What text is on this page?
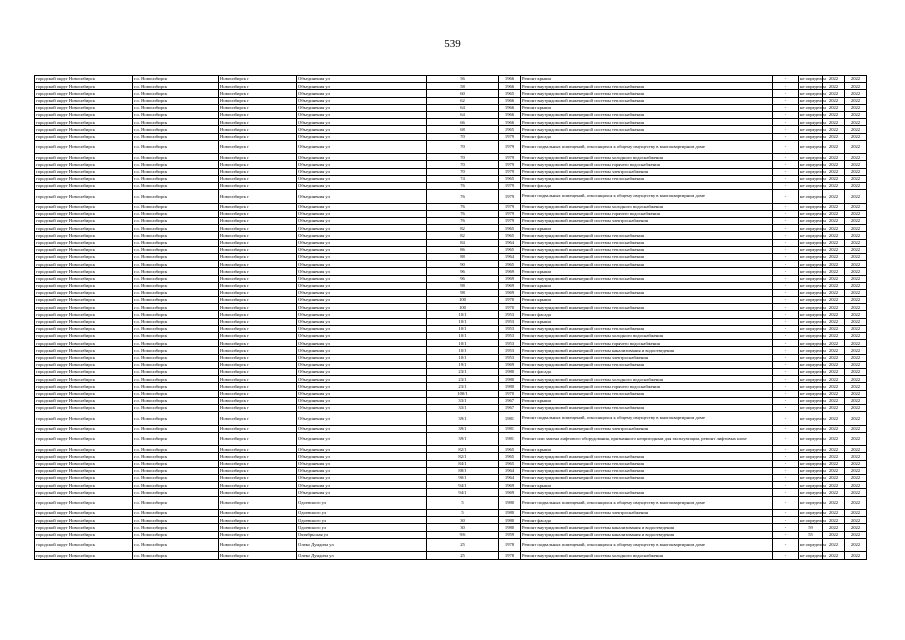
539
городской округ Новосибирск	г.о. Новосибирск	Новосибирск г	Объединения ул	56	1966	Ремонт крыши	-	не определен	2022	2022
городской округ Новосибирск	г.о. Новосибирск	Новосибирск г	Объединения ул	58	1966	Ремонт внутридомовой инженерной системы теплоснабжения	-	не определен	2022	2022
городской округ Новосибирск	г.о. Новосибирск	Новосибирск г	Объединения ул	60	1965	Ремонт внутридомовой инженерной системы теплоснабжения	-	не определен	2022	2022
городской округ Новосибирск	г.о. Новосибирск	Новосибирск г	Объединения ул	62	1966	Ремонт внутридомовой инженерной системы теплоснабжения	-	не определен	2022	2022
городской округ Новосибирск	г.о. Новосибирск	Новосибирск г	Объединения ул	64	1966	Ремонт крыши	-	не определен	2022	2022
городской округ Новосибирск	г.о. Новосибирск	Новосибирск г	Объединения ул	64	1966	Ремонт внутридомовой инженерной системы теплоснабжения	-	не определен	2022	2022
городской округ Новосибирск	г.о. Новосибирск	Новосибирск г	Объединения ул	66	1966	Ремонт внутридомовой инженерной системы теплоснабжения	-	не определен	2022	2022
городской округ Новосибирск	г.о. Новосибирск	Новосибирск г	Объединения ул	68	1965	Ремонт внутридомовой инженерной системы теплоснабжения	-	не определен	2022	2022
городской округ Новосибирск	г.о. Новосибирск	Новосибирск г	Объединения ул	70	1979	Ремонт фасада	-	не определен	2022	2022
городской округ Новосибирск	г.о. Новосибирск	Новосибирск г	Объединения ул	70	1979	Ремонт подвальных помещений, относящихся к общему имуществу в многоквартирном доме	-	не определен	2022	2022
городской округ Новосибирск	г.о. Новосибирск	Новосибирск г	Объединения ул	70	1979	Ремонт внутридомовой инженерной системы холодного водоснабжения	-	не определен	2022	2022
городской округ Новосибирск	г.о. Новосибирск	Новосибирск г	Объединения ул	70	1979	Ремонт внутридомовой инженерной системы горячего водоснабжения	-	не определен	2022	2022
городской округ Новосибирск	г.о. Новосибирск	Новосибирск г	Объединения ул	70	1979	Ремонт внутридомовой инженерной системы электроснабжения	-	не определен	2022	2022
городской округ Новосибирск	г.о. Новосибирск	Новосибирск г	Объединения ул	74	1965	Ремонт внутридомовой инженерной системы теплоснабжения	-	не определен	2022	2022
городской округ Новосибирск	г.о. Новосибирск	Новосибирск г	Объединения ул	76	1979	Ремонт фасада	-	не определен	2022	2022
городской округ Новосибирск	г.о. Новосибирск	Новосибирск г	Объединения ул	76	1979	Ремонт подвальных помещений, относящихся к общему имуществу в многоквартирном доме	-	не определен	2022	2022
городской округ Новосибирск	г.о. Новосибирск	Новосибирск г	Объединения ул	76	1979	Ремонт внутридомовой инженерной системы холодного водоснабжения	-	не определен	2022	2022
городской округ Новосибирск	г.о. Новосибирск	Новосибирск г	Объединения ул	76	1979	Ремонт внутридомовой инженерной системы горячего водоснабжения	-	не определен	2022	2022
городской округ Новосибирск	г.о. Новосибирск	Новосибирск г	Объединения ул	76	1979	Ремонт внутридомовой инженерной системы электроснабжения	-	не определен	2022	2022
городской округ Новосибирск	г.о. Новосибирск	Новосибирск г	Объединения ул	82	1965	Ремонт крыши	-	не определен	2022	2022
городской округ Новосибирск	г.о. Новосибирск	Новосибирск г	Объединения ул	82	1965	Ремонт внутридомовой инженерной системы теплоснабжения	-	не определен	2022	2022
городской округ Новосибирск	г.о. Новосибирск	Новосибирск г	Объединения ул	84	1964	Ремонт внутридомовой инженерной системы теплоснабжения	-	не определен	2022	2022
городской округ Новосибирск	г.о. Новосибирск	Новосибирск г	Объединения ул	86	1965	Ремонт внутридомовой инженерной системы теплоснабжения	-	не определен	2022	2022
городской округ Новосибирск	г.о. Новосибирск	Новосибирск г	Объединения ул	88	1964	Ремонт внутридомовой инженерной системы теплоснабжения	-	не определен	2022	2022
городской округ Новосибирск	г.о. Новосибирск	Новосибирск г	Объединения ул	90	1965	Ремонт внутридомовой инженерной системы теплоснабжения	-	не определен	2022	2022
городской округ Новосибирск	г.о. Новосибирск	Новосибирск г	Объединения ул	96	1969	Ремонт крыши	-	не определен	2022	2022
городской округ Новосибирск	г.о. Новосибирск	Новосибирск г	Объединения ул	96	1969	Ремонт внутридомовой инженерной системы теплоснабжения	-	не определен	2022	2022
городской округ Новосибирск	г.о. Новосибирск	Новосибирск г	Объединения ул	98	1969	Ремонт крыши	-	не определен	2022	2022
городской округ Новосибирск	г.о. Новосибирск	Новосибирск г	Объединения ул	98	1969	Ремонт внутридомовой инженерной системы теплоснабжения	-	не определен	2022	2022
городской округ Новосибирск	г.о. Новосибирск	Новосибирск г	Объединения ул	100	1970	Ремонт крыши	-	не определен	2022	2022
городской округ Новосибирск	г.о. Новосибирск	Новосибирск г	Объединения ул	100	1970	Ремонт внутридомовой инженерной системы теплоснабжения	-	не определен	2022	2022
городской округ Новосибирск	г.о. Новосибирск	Новосибирск г	Объединения ул	10/1	1953	Ремонт фасада	-	не определен	2022	2022
городской округ Новосибирск	г.о. Новосибирск	Новосибирск г	Объединения ул	10/1	1953	Ремонт крыши	-	не определен	2022	2022
городской округ Новосибирск	г.о. Новосибирск	Новосибирск г	Объединения ул	10/1	1953	Ремонт внутридомовой инженерной системы теплоснабжения	-	не определен	2022	2022
городской округ Новосибирск	г.о. Новосибирск	Новосибирск г	Объединения ул	10/1	1953	Ремонт внутридомовой инженерной системы холодного водоснабжения	-	не определен	2022	2022
городской округ Новосибирск	г.о. Новосибирск	Новосибирск г	Объединения ул	10/1	1953	Ремонт внутридомовой инженерной системы горячего водоснабжения	-	не определен	2022	2022
городской округ Новосибирск	г.о. Новосибирск	Новосибирск г	Объединения ул	10/1	1953	Ремонт внутридомовой инженерной системы канализования и водоотведения	-	не определен	2022	2022
городской округ Новосибирск	г.о. Новосибирск	Новосибирск г	Объединения ул	10/1	1953	Ремонт внутридомовой инженерной системы электроснабжения	-	не определен	2022	2022
городской округ Новосибирск	г.о. Новосибирск	Новосибирск г	Объединения ул	19/1	1969	Ремонт внутридомовой инженерной системы теплоснабжения	-	не определен	2022	2022
городской округ Новосибирск	г.о. Новосибирск	Новосибирск г	Объединения ул	23/1	1980	Ремонт фасада	-	не определен	2022	2022
городской округ Новосибирск	г.о. Новосибирск	Новосибирск г	Объединения ул	23/1	1980	Ремонт внутридомовой инженерной системы холодного водоснабжения	-	не определен	2022	2022
городской округ Новосибирск	г.о. Новосибирск	Новосибирск г	Объединения ул	23/1	1980	Ремонт внутридомовой инженерной системы горячего водоснабжения	-	не определен	2022	2022
городской округ Новосибирск	г.о. Новосибирск	Новосибирск г	Объединения ул	100/1	1970	Ремонт внутридомовой инженерной системы теплоснабжения	-	не определен	2022	2022
городской округ Новосибирск	г.о. Новосибирск	Новосибирск г	Объединения ул	33/1	1967	Ремонт крыши	-	не определен	2022	2022
городской округ Новосибирск	г.о. Новосибирск	Новосибирск г	Объединения ул	33/1	1967	Ремонт внутридомовой инженерной системы теплоснабжения	-	не определен	2022	2022
городской округ Новосибирск	г.о. Новосибирск	Новосибирск г	Объединения ул	39/1	1981	Ремонт подвальных помещений, относящихся к общему имуществу в многоквартирном доме	-	не определен	2022	2022
городской округ Новосибирск	г.о. Новосибирск	Новосибирск г	Объединения ул	39/1	1981	Ремонт внутридомовой инженерной системы электроснабжения	-	не определен	2022	2022
городской округ Новосибирск	г.о. Новосибирск	Новосибирск г	Объединения ул	39/1	1981	Ремонт или замена лифтового оборудования, признанного непригодным для эксплуатации, ремонт лифтовых шахт	-	не определен	2022	2022
городской округ Новосибирск	г.о. Новосибирск	Новосибирск г	Объединения ул	82/1	1965	Ремонт крыши	-	не определен	2022	2022
городской округ Новосибирск	г.о. Новосибирск	Новосибирск г	Объединения ул	82/1	1965	Ремонт внутридомовой инженерной системы теплоснабжения	-	не определен	2022	2022
городской округ Новосибирск	г.о. Новосибирск	Новосибирск г	Объединения ул	84/1	1965	Ремонт внутридомовой инженерной системы теплоснабжения	-	не определен	2022	2022
городской округ Новосибирск	г.о. Новосибирск	Новосибирск г	Объединения ул	88/1	1964	Ремонт внутридомовой инженерной системы теплоснабжения	-	не определен	2022	2022
городской округ Новосибирск	г.о. Новосибирск	Новосибирск г	Объединения ул	90/1	1964	Ремонт внутридомовой инженерной системы теплоснабжения	-	не определен	2022	2022
городской округ Новосибирск	г.о. Новосибирск	Новосибирск г	Объединения ул	94/1	1969	Ремонт крыши	-	не определен	2022	2022
городской округ Новосибирск	г.о. Новосибирск	Новосибирск г	Объединения ул	94/1	1969	Ремонт внутридомовой инженерной системы теплоснабжения	-	не определен	2022	2022
городской округ Новосибирск	г.о. Новосибирск	Новосибирск г	Одоевского ул	5	1980	Ремонт подвальных помещений, относящихся к общему имуществу в многоквартирном доме	-	не определен	2022	2022
городской округ Новосибирск	г.о. Новосибирск	Новосибирск г	Одоевского ул	5	1980	Ремонт внутридомовой инженерной системы электроснабжения	-	не определен	2022	2022
городской округ Новосибирск	г.о. Новосибирск	Новосибирск г	Одоевского ул	30	1980	Ремонт фасада	-	не определен	2022	2022
городской округ Новосибирск	г.о. Новосибирск	Новосибирск г	Одоевского ул	30	1980	Ремонт внутридомовой инженерной системы канализования и водоотведения	-	59	2022	2022
городской округ Новосибирск	г.о. Новосибирск	Новосибирск г	Октябрьская ул	9/6	1959	Ремонт внутридомовой инженерной системы канализования и водоотведения	-	55	2022	2022
городской округ Новосибирск	г.о. Новосибирск	Новосибирск г	Олеко Дундича ул	25	1978	Ремонт подвальных помещений, относящихся к общему имуществу в многоквартирном доме	-	не определен	2022	2022
городской округ Новосибирск	г.о. Новосибирск	Новосибирск г	Олеко Дундича ул	25	1978	Ремонт внутридомовой инженерной системы холодного водоснабжения	-	не определен	2022	2022
